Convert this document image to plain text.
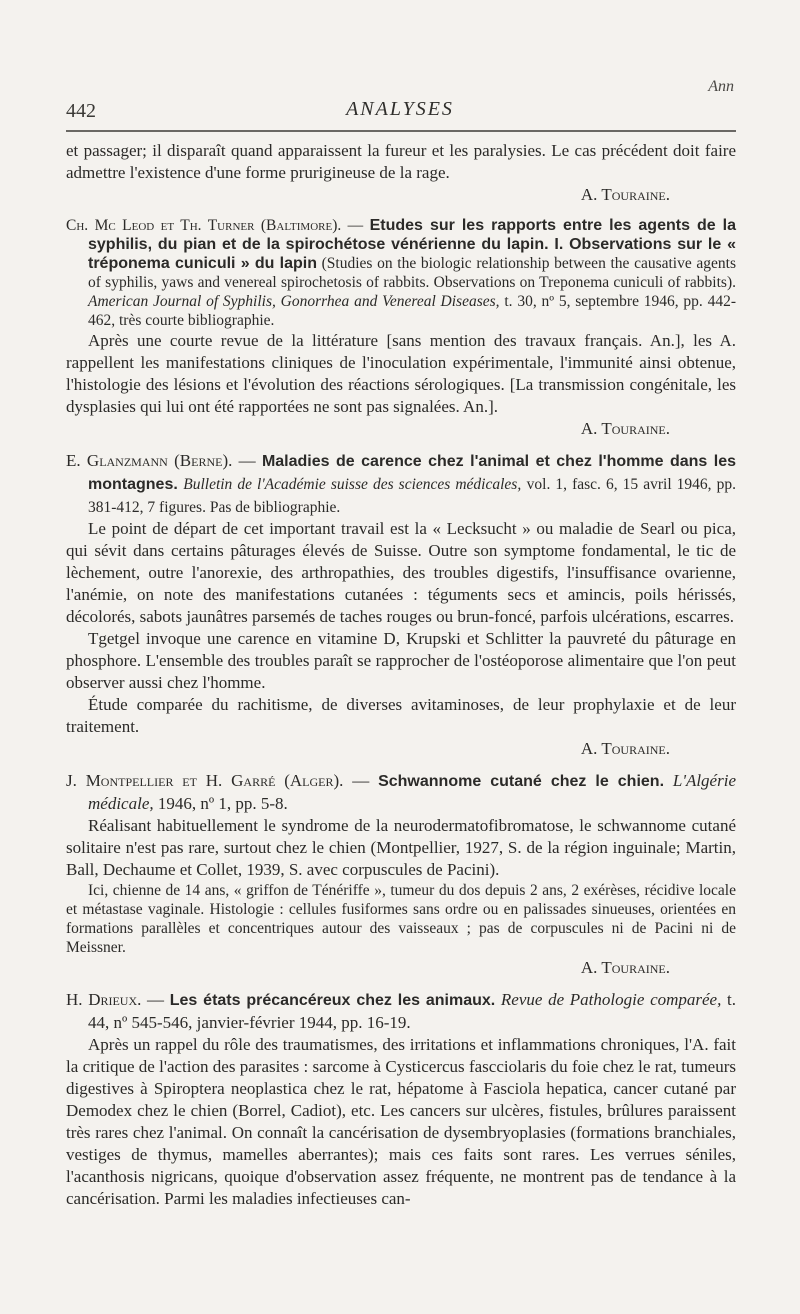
Ann
442	ANALYSES

et passager; il disparaît quand apparaissent la fureur et les paralysies. Le cas précédent doit faire admettre l'existence d'une forme prurigineuse de la rage.

A. Touraine.

Ch. Mc Leod et Th. Turner (Baltimore). — Etudes sur les rapports entre les agents de la syphilis, du pian et de la spirochétose vénérienne du lapin. I. Observations sur le « tréponema cuniculi » du lapin (Studies on the biologic relationship between the causative agents of syphilis, yaws and venereal spirochetosis of rabbits. Observations on Treponema cuniculi of rabbits). American Journal of Syphilis, Gonorrhea and Venereal Diseases, t. 30, nº 5, septembre 1946, pp. 442-462, très courte bibliographie.

Après une courte revue de la littérature [sans mention des travaux français. An.], les A. rappellent les manifestations cliniques de l'inoculation expérimentale, l'immunité ainsi obtenue, l'histologie des lésions et l'évolution des réactions sérologiques. [La transmission congénitale, les dysplasies qui lui ont été rapportées ne sont pas signalées. An.].

A. Touraine.

E. Glanzmann (Berne). — Maladies de carence chez l'animal et chez l'homme dans les montagnes. Bulletin de l'Académie suisse des sciences médicales, vol. 1, fasc. 6, 15 avril 1946, pp. 381-412, 7 figures. Pas de bibliographie.

Le point de départ de cet important travail est la « Lecksucht » ou maladie de Searl ou pica, qui sévit dans certains pâturages élevés de Suisse. Outre son symptome fondamental, le tic de lèchement, outre l'anorexie, des arthropathies, des troubles digestifs, l'insuffisance ovarienne, l'anémie, on note des manifestations cutanées : téguments secs et amincis, poils hérissés, décolorés, sabots jaunâtres parsemés de taches rouges ou brun-foncé, parfois ulcérations, escarres.

Tgetgel invoque une carence en vitamine D, Krupski et Schlitter la pauvreté du pâturage en phosphore. L'ensemble des troubles paraît se rapprocher de l'ostéoporose alimentaire que l'on peut observer aussi chez l'homme.

Étude comparée du rachitisme, de diverses avitaminoses, de leur prophylaxie et de leur traitement.

A. Touraine.

J. Montpellier et H. Garré (Alger). — Schwannome cutané chez le chien. L'Algérie médicale, 1946, nº 1, pp. 5-8.

Réalisant habituellement le syndrome de la neurodermatofibromatose, le schwannome cutané solitaire n'est pas rare, surtout chez le chien (Montpellier, 1927, S. de la région inguinale; Martin, Ball, Dechaume et Collet, 1939, S. avec corpuscules de Pacini).

Ici, chienne de 14 ans, « griffon de Ténériffe », tumeur du dos depuis 2 ans, 2 exérèses, récidive locale et métastase vaginale. Histologie : cellules fusiformes sans ordre ou en palissades sinueuses, orientées en formations parallèles et concentriques autour des vaisseaux ; pas de corpuscules ni de Pacini ni de Meissner.

A. Touraine.

H. Drieux. — Les états précancéreux chez les animaux. Revue de Pathologie comparée, t. 44, nº 545-546, janvier-février 1944, pp. 16-19.

Après un rappel du rôle des traumatismes, des irritations et inflammations chroniques, l'A. fait la critique de l'action des parasites : sarcome à Cysticercus fascciolaris du foie chez le rat, tumeurs digestives à Spiroptera neoplastica chez le rat, hépatome à Fasciola hepatica, cancer cutané par Demodex chez le chien (Borrel, Cadiot), etc. Les cancers sur ulcères, fistules, brûlures paraissent très rares chez l'animal. On connaît la cancérisation de dysembryoplasies (formations branchiales, vestiges de thymus, mamelles aberrantes); mais ces faits sont rares. Les verrues séniles, l'acanthosis nigricans, quoique d'observation assez fréquente, ne montrent pas de tendance à la cancérisation. Parmi les maladies infectieuses can-
